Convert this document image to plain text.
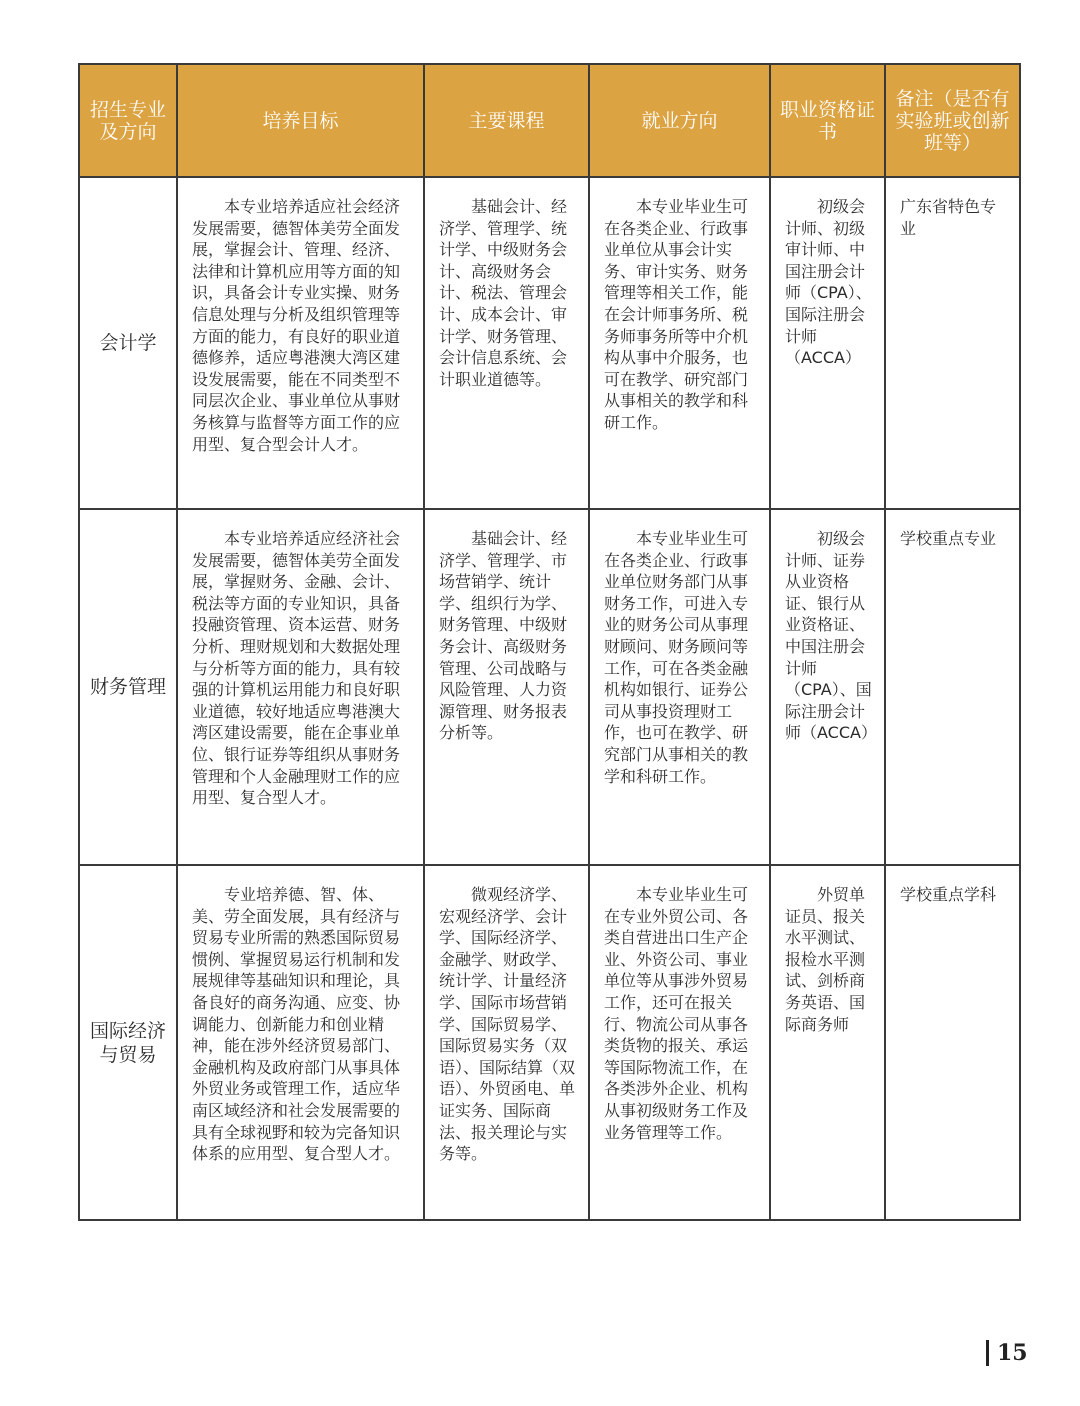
招生专业及方向	培养目标	主要课程	就业方向	职业资格证书	备注（是否有实验班或创新班等）
会计学	本专业培养适应社会经济发展需要，德智体美劳全面发展，掌握会计、管理、经济、法律和计算机应用等方面的知识，具备会计专业实操、财务信息处理与分析及组织管理等方面的能力，有良好的职业道德修养，适应粤港澳大湾区建设发展需要，能在不同类型不同层次企业、事业单位从事财务核算与监督等方面工作的应用型、复合型会计人才。	基础会计、经济学、管理学、统计学、中级财务会计、高级财务会计、税法、管理会计、成本会计、审计学、财务管理、会计信息系统、会计职业道德等。	本专业毕业生可在各类企业、行政事业单位从事会计实务、审计实务、财务管理等相关工作，能在会计师事务所、税务师事务所等中介机构从事中介服务，也可在教学、研究部门从事相关的教学和科研工作。	初级会计师、初级审计师、中国注册会计师（CPA）、国际注册会计师（ACCA）	广东省特色专业
财务管理	本专业培养适应经济社会发展需要，德智体美劳全面发展，掌握财务、金融、会计、税法等方面的专业知识，具备投融资管理、资本运营、财务分析、理财规划和大数据处理与分析等方面的能力，具有较强的计算机运用能力和良好职业道德，较好地适应粤港澳大湾区建设需要，能在企事业单位、银行证券等组织从事财务管理和个人金融理财工作的应用型、复合型人才。	基础会计、经济学、管理学、市场营销学、统计学、组织行为学、财务管理、中级财务会计、高级财务管理、公司战略与风险管理、人力资源管理、财务报表分析等。	本专业毕业生可在各类企业、行政事业单位财务部门从事财务工作，可进入专业的财务公司从事理财顾问、财务顾问等工作，可在各类金融机构如银行、证券公司从事投资理财工作，也可在教学、研究部门从事相关的教学和科研工作。	初级会计师、证券从业资格证、银行从业资格证、中国注册会计师（CPA）、国际注册会计师（ACCA）	学校重点专业
国际经济与贸易	专业培养德、智、体、美、劳全面发展，具有经济与贸易专业所需的熟悉国际贸易惯例、掌握贸易运行机制和发展规律等基础知识和理论，具备良好的商务沟通、应变、协调能力、创新能力和创业精神，能在涉外经济贸易部门、金融机构及政府部门从事具体外贸业务或管理工作，适应华南区域经济和社会发展需要的具有全球视野和较为完备知识体系的应用型、复合型人才。	微观经济学、宏观经济学、会计学、国际经济学、金融学、财政学、统计学、计量经济学、国际市场营销学、国际贸易学、国际贸易实务（双语）、国际结算（双语）、外贸函电、单证实务、国际商法、报关理论与实务等。	本专业毕业生可在专业外贸公司、各类自营进出口生产企业、外资公司、事业单位等从事涉外贸易工作，还可在报关行、物流公司从事各类货物的报关、承运等国际物流工作，在各类涉外企业、机构从事初级财务工作及业务管理等工作。	外贸单证员、报关水平测试、报检水平测试、剑桥商务英语、国际商务师	学校重点学科
15
